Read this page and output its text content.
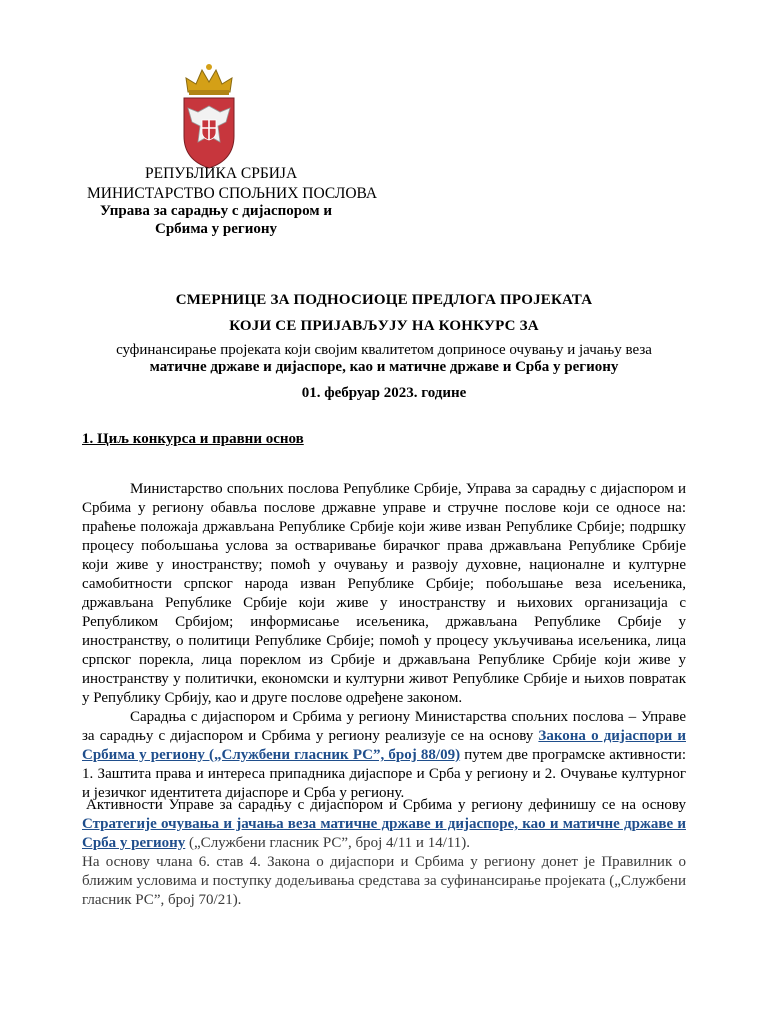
РЕПУБЛИКА СРБИЈА
МИНИСТАРСТВО СПОЉНИХ ПОСЛОВА
Управа за сарадњу с дијаспором и
Србима у региону
СМЕРНИЦЕ ЗА ПОДНОСИОЦЕ ПРЕДЛОГА ПРОЈЕКАТА
КОЈИ СЕ ПРИЈАВЉУЈУ НА КОНКУРС ЗА
суфинансирање пројеката који својим квалитетом доприносе очувању и јачању веза
матичне државе и дијаспоре, као и матичне државе и Срба у региону
01. фебруар 2023. године
1. Циљ конкурса и правни основ

Министарство спољних послова Републике Србије, Управа за сарадњу с дијаспором и Србима у региону обавља послове државне управе и стручне послове који се односе на: праћење положаја држављана Републике Србије који живе изван Републике Србије; подршку процесу побољшања услова за остваривање бирачког права држављана Републике Србије који живе у иностранству; помоћ у очувању и развоју духовне, националне и културне самобитности српског народа изван Републике Србије; побољшање веза исељеника, држављана Републике Србије који живе у иностранству и њихових организација с Републиком Србијом; информисање исељеника, држављана Републике Србије у иностранству, о политици Републике Србије; помоћ у процесу укључивања исељеника, лица српског порекла, лица пореклом из Србије и држављана Републике Србије који живе у иностранству у политички, економски и културни живот Републике Србије и њихов повратак у Републику Србију, као и друге послове одређене законом.

Сарадња с дијаспором и Србима у региону Министарства спољних послова – Управе за сарадњу с дијаспором и Србима у региону реализује се на основу Закона о дијаспори и Србима у региону („Службени гласник РС”, број 88/09) путем две програмске активности: 1. Заштита права и интереса припадника дијаспоре и Срба у региону и 2. Очување културног и језичког идентитета дијаспоре и Срба у региону.

Активности Управе за сарадњу с дијаспором и Србима у региону дефинишу се на основу Стратегије очувања и јачања веза матичне државе и дијаспоре, као и матичне државе и Срба у региону („Службени гласник РС”, број 4/11 и 14/11).

На основу члана 6. став 4. Закона о дијаспори и Србима у региону донет је Правилник о ближим условима и поступку додељивања средстава за суфинансирање пројеката („Службени гласник РС”, број 70/21).
